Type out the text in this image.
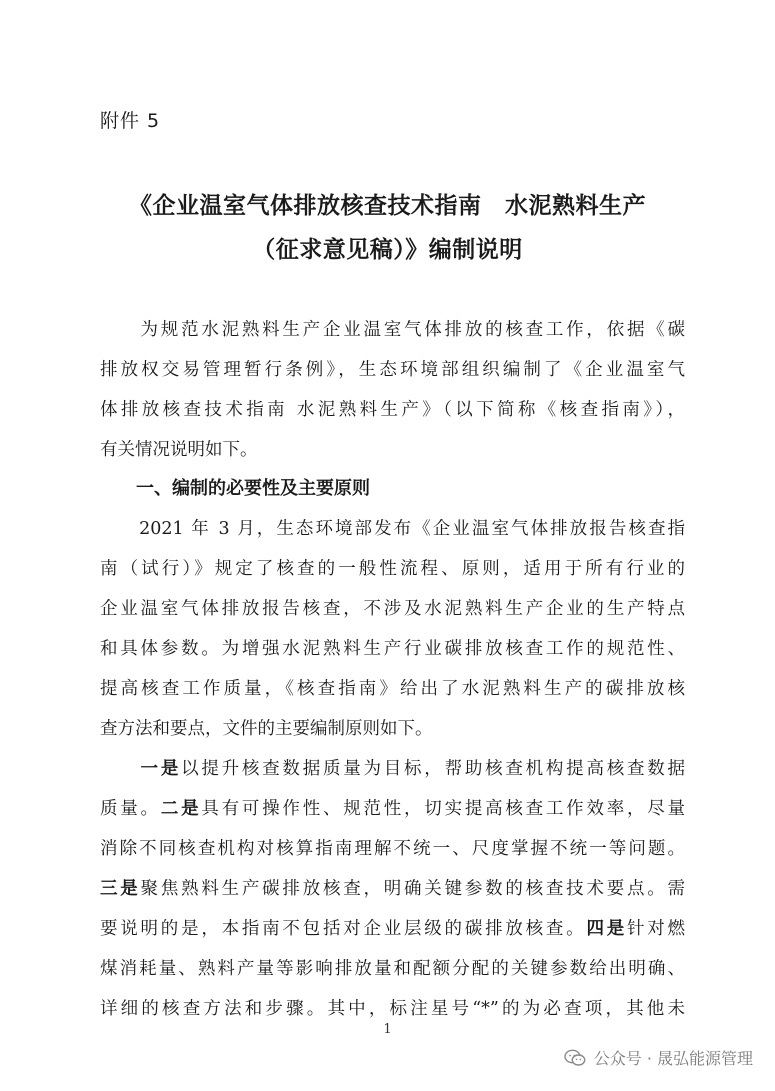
附件 5
《企业温室气体排放核查技术指南　水泥熟料生产
（征求意见稿）》编制说明
　　为规范水泥熟料生产企业温室气体排放的核查工作，依据《碳
排放权交易管理暂行条例》，生态环境部组织编制了《企业温室气
体排放核查技术指南 水泥熟料生产》（以下简称《核查指南》），
有关情况说明如下。
一、编制的必要性及主要原则
　　2021 年 3 月，生态环境部发布《企业温室气体排放报告核查指
南（试行）》规定了核查的一般性流程、原则，适用于所有行业的
企业温室气体排放报告核查，不涉及水泥熟料生产企业的生产特点
和具体参数。为增强水泥熟料生产行业碳排放核查工作的规范性、
提高核查工作质量，《核查指南》给出了水泥熟料生产的碳排放核
查方法和要点，文件的主要编制原则如下。
　　一是以提升核查数据质量为目标，帮助核查机构提高核查数据
质量。二是具有可操作性、规范性，切实提高核查工作效率，尽量
消除不同核查机构对核算指南理解不统一、尺度掌握不统一等问题。
三是聚焦熟料生产碳排放核查，明确关键参数的核查技术要点。需
要说明的是，本指南不包括对企业层级的碳排放核查。四是针对燃
煤消耗量、熟料产量等影响排放量和配额分配的关键参数给出明确、
详细的核查方法和步骤。其中，标注星号“*”的为必查项，其他未
1
公众号 · 晟弘能源管理
